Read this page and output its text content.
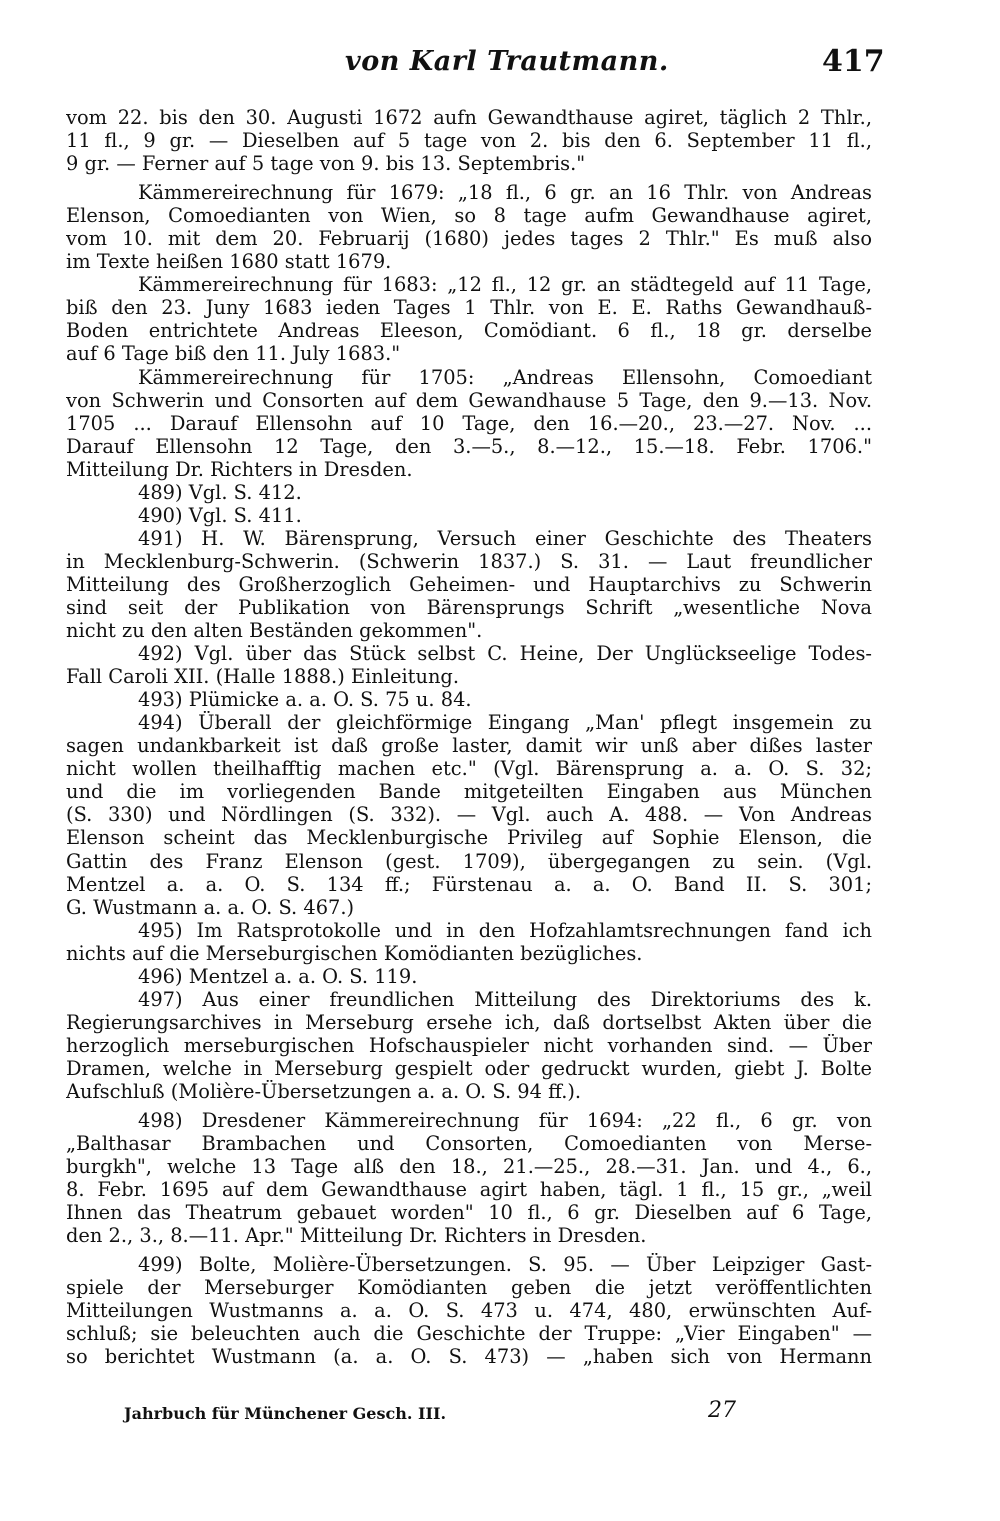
von Karl Trautmann.	417
vom 22. bis den 30. Augusti 1672 aufn Gewandthause agiret, täglich 2 Thlr.,
11 fl., 9 gr. — Dieselben auf 5 tage von 2. bis den 6. September 11 fl.,
9 gr. — Ferner auf 5 tage von 9. bis 13. Septembris."
Kämmereirechnung für 1679: „18 fl., 6 gr. an 16 Thlr. von Andreas
Elenson, Comoedianten von Wien, so 8 tage aufm Gewandhause agiret,
vom 10. mit dem 20. Februarij (1680) jedes tages 2 Thlr." Es muß also
im Texte heißen 1680 statt 1679.
Kämmereirechnung für 1683: „12 fl., 12 gr. an städtegeld auf 11 Tage,
biß den 23. Juny 1683 ieden Tages 1 Thlr. von E. E. Raths Gewandhauß-
Boden entrichtete Andreas Eleeson, Comödiant. 6 fl., 18 gr. derselbe
auf 6 Tage biß den 11. July 1683."
Kämmereirechnung für 1705: „Andreas Ellensohn, Comoediant
von Schwerin und Consorten auf dem Gewandhause 5 Tage, den 9.—13. Nov.
1705 ... Darauf Ellensohn auf 10 Tage, den 16.—20., 23.—27. Nov. ...
Darauf Ellensohn 12 Tage, den 3.—5., 8.—12., 15.—18. Febr. 1706."
Mitteilung Dr. Richters in Dresden.
489) Vgl. S. 412.
490) Vgl. S. 411.
491) H. W. Bärensprung, Versuch einer Geschichte des Theaters
in Mecklenburg-Schwerin. (Schwerin 1837.) S. 31. — Laut freundlicher
Mitteilung des Großherzoglich Geheimen- und Hauptarchivs zu Schwerin
sind seit der Publikation von Bärensprungs Schrift „wesentliche Nova
nicht zu den alten Beständen gekommen".
492) Vgl. über das Stück selbst C. Heine, Der Unglückseelige Todes-
Fall Caroli XII. (Halle 1888.) Einleitung.
493) Plümicke a. a. O. S. 75 u. 84.
494) Überall der gleichförmige Eingang „Man' pflegt insgemein zu
sagen undankbarkeit ist daß große laster, damit wir unß aber dißes laster
nicht wollen theilhafftig machen etc." (Vgl. Bärensprung a. a. O. S. 32;
und die im vorliegenden Bande mitgeteilten Eingaben aus München
(S. 330) und Nördlingen (S. 332). — Vgl. auch A. 488. — Von Andreas
Elenson scheint das Mecklenburgische Privileg auf Sophie Elenson, die
Gattin des Franz Elenson (gest. 1709), übergegangen zu sein. (Vgl.
Mentzel a. a. O. S. 134 ff.; Fürstenau a. a. O. Band II. S. 301;
G. Wustmann a. a. O. S. 467.)
495) Im Ratsprotokolle und in den Hofzahlamtsrechnungen fand ich
nichts auf die Merseburgischen Komödianten bezügliches.
496) Mentzel a. a. O. S. 119.
497) Aus einer freundlichen Mitteilung des Direktoriums des k.
Regierungsarchives in Merseburg ersehe ich, daß dortselbst Akten über die
herzoglich merseburgischen Hofschauspieler nicht vorhanden sind. — Über
Dramen, welche in Merseburg gespielt oder gedruckt wurden, giebt J. Bolte
Aufschluß (Molière-Übersetzungen a. a. O. S. 94 ff.).
498) Dresdener Kämmereirechnung für 1694: „22 fl., 6 gr. von
„Balthasar Brambachen und Consorten, Comoedianten von Merse-
burgkh", welche 13 Tage alß den 18., 21.—25., 28.—31. Jan. und 4., 6.,
8. Febr. 1695 auf dem Gewandthause agirt haben, tägl. 1 fl., 15 gr., „weil
Ihnen das Theatrum gebauet worden" 10 fl., 6 gr. Dieselben auf 6 Tage,
den 2., 3., 8.—11. Apr." Mitteilung Dr. Richters in Dresden.
499) Bolte, Molière-Übersetzungen. S. 95. — Über Leipziger Gast-
spiele der Merseburger Komödianten geben die jetzt veröffentlichten
Mitteilungen Wustmanns a. a. O. S. 473 u. 474, 480, erwünschten Auf-
schluß; sie beleuchten auch die Geschichte der Truppe: „Vier Eingaben" —
so berichtet Wustmann (a. a. O. S. 473) — „haben sich von Hermann
Jahrbuch für Münchener Gesch. III.	27
